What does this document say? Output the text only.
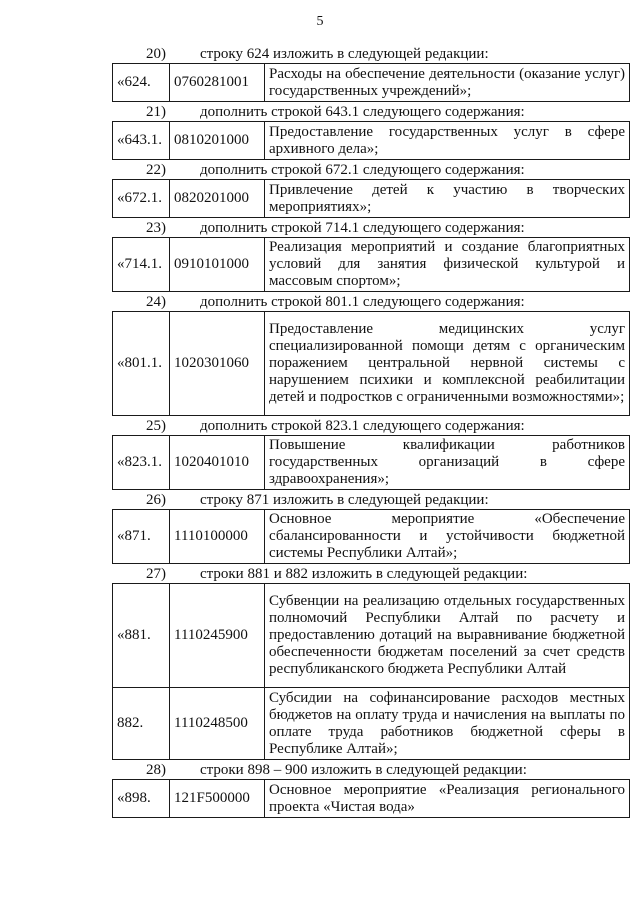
5
20) строку 624 изложить в следующей редакции:
«624.	0760281001	Расходы на обеспечение деятельности (оказание услуг) государственных учреждений»;
21) дополнить строкой 643.1 следующего содержания:
«643.1.	0810201000	Предоставление государственных услуг в сфере архивного дела»;
22) дополнить строкой 672.1 следующего содержания:
«672.1.	0820201000	Привлечение детей к участию в творческих мероприятиях»;
23) дополнить строкой 714.1 следующего содержания:
«714.1.	0910101000	Реализация мероприятий и создание благоприятных условий для занятия физической культурой и массовым спортом»;
24) дополнить строкой 801.1 следующего содержания:
«801.1.	1020301060	Предоставление медицинских услуг специализированной помощи детям с органическим поражением центральной нервной системы с нарушением психики и комплексной реабилитации детей и подростков с ограниченными возможностями»;
25) дополнить строкой 823.1 следующего содержания:
«823.1.	1020401010	Повышение квалификации работников государственных организаций в сфере здравоохранения»;
26) строку 871 изложить в следующей редакции:
«871.	1110100000	Основное мероприятие «Обеспечение сбалансированности и устойчивости бюджетной системы Республики Алтай»;
27) строки 881 и 882 изложить в следующей редакции:
«881.	1110245900	Субвенции на реализацию отдельных государственных полномочий Республики Алтай по расчету и предоставлению дотаций на выравнивание бюджетной обеспеченности бюджетам поселений за счет средств республиканского бюджета Республики Алтай
882.	1110248500	Субсидии на софинансирование расходов местных бюджетов на оплату труда и начисления на выплаты по оплате труда работников бюджетной сферы в Республике Алтай»;
28) строки 898 – 900 изложить в следующей редакции:
«898.	121F500000	Основное мероприятие «Реализация регионального проекта «Чистая вода»
